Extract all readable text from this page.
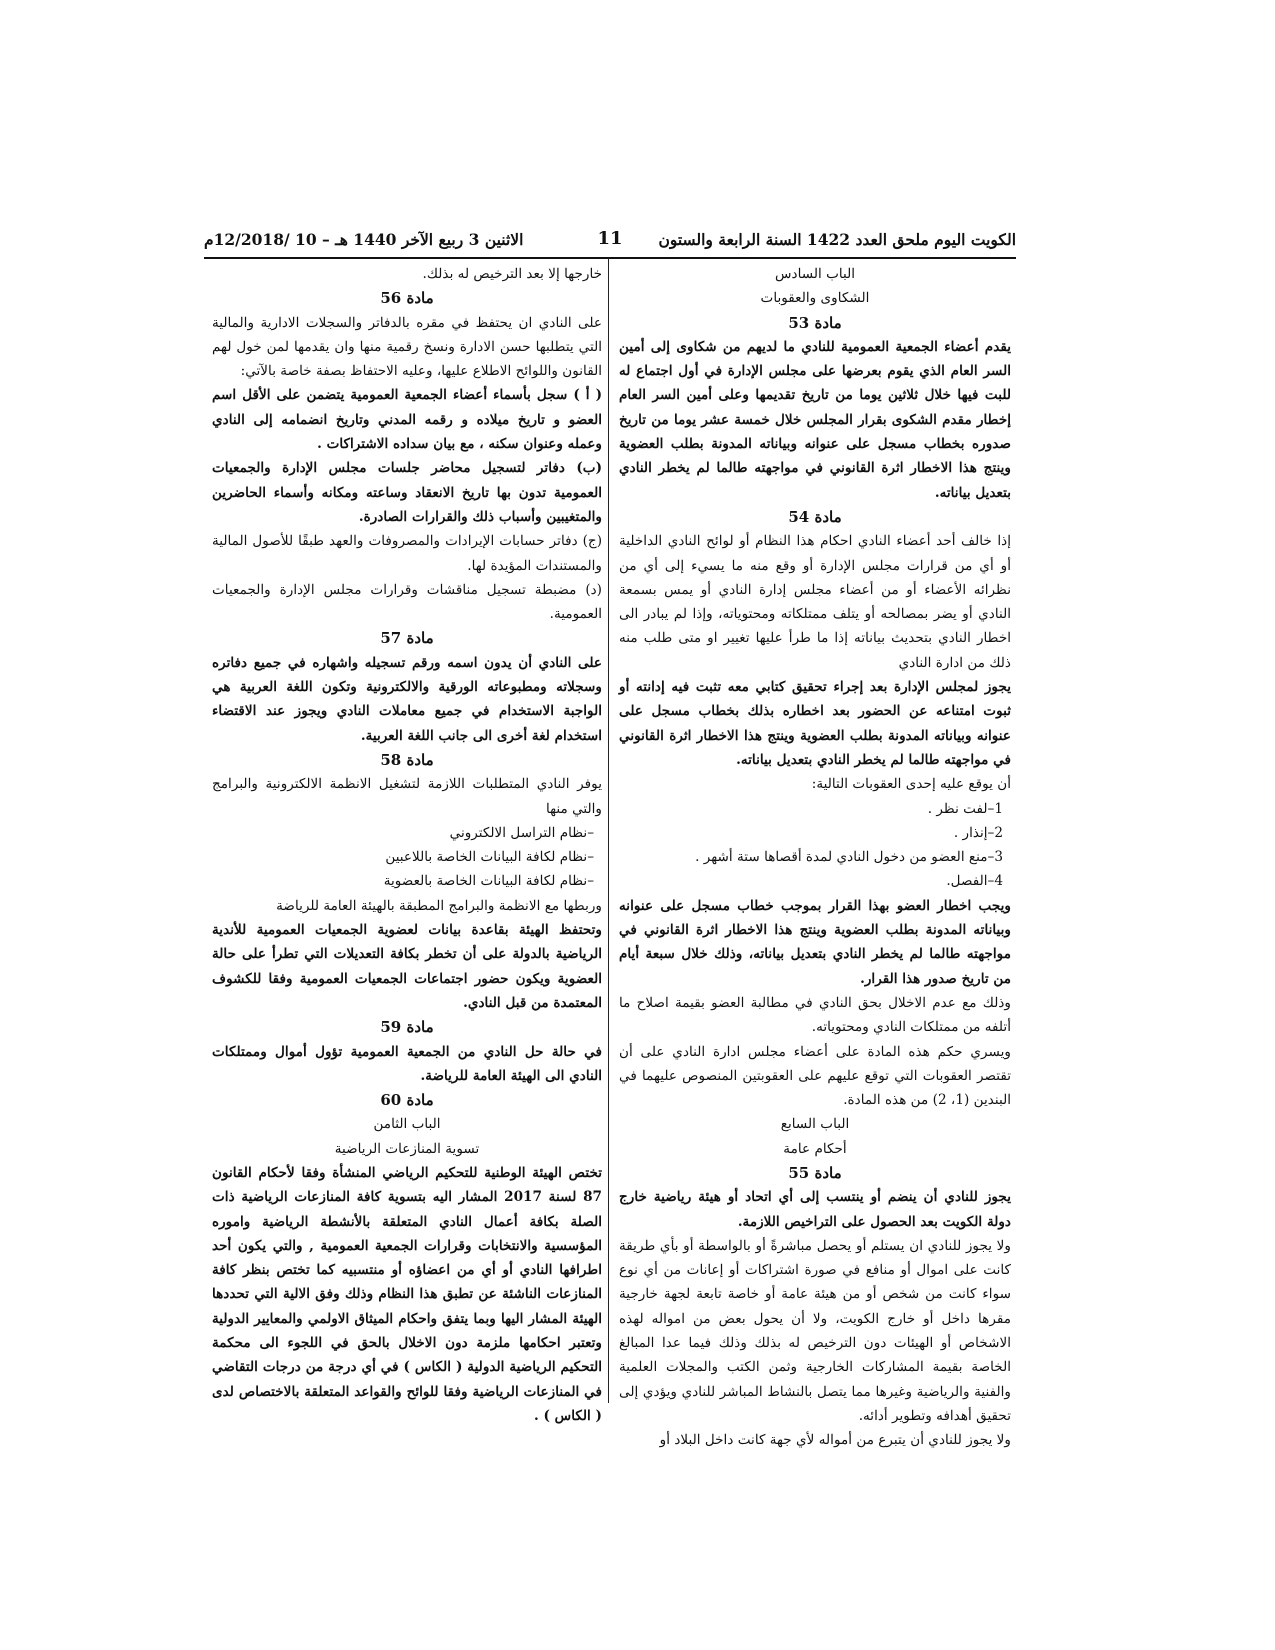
الكويت اليوم ملحق العدد 1422 السنة الرابعة والستون
11
الاثنين 3 ربيع الآخر 1440 هـ – 10 /12/2018م

الباب السادس

الشكاوى والعقوبات

مادة 53

يقدم أعضاء الجمعية العمومية للنادي ما لديهم من شكاوى إلى أمين السر العام الذي يقوم بعرضها على مجلس الإدارة في أول اجتماع له للبت فيها خلال ثلاثين يوما من تاريخ تقديمها وعلى أمين السر العام إخطار مقدم الشكوى بقرار المجلس خلال خمسة عشر يوما من تاريخ صدوره بخطاب مسجل على عنوانه وبياناته المدونة بطلب العضوية وينتج هذا الاخطار اثرة القانوني في مواجهته طالما لم يخطر النادي بتعديل بياناته.

مادة 54

إذا خالف أحد أعضاء النادي احكام هذا النظام أو لوائح النادي الداخلية أو أي من قرارات مجلس الإدارة أو وقع منه ما يسيء إلى أي من نظرائه الأعضاء أو من أعضاء مجلس إدارة النادي أو يمس بسمعة النادي أو يضر بمصالحه أو يتلف ممتلكاته ومحتوياته، وإذا لم يبادر الى اخطار النادي بتحديث بياناته إذا ما طرأ عليها تغيير او متى طلب منه ذلك من ادارة النادي

يجوز لمجلس الإدارة بعد إجراء تحقيق كتابي معه تثبت فيه إدانته أو ثبوت امتناعه عن الحضور بعد اخطاره بذلك بخطاب مسجل على عنوانه وبياناته المدونة بطلب العضوية وينتج هذا الاخطار اثرة القانوني في مواجهته طالما لم يخطر النادي بتعديل بياناته.

أن يوقع عليه إحدى العقوبات التالية:

1–لفت نظر .

2–إنذار .

3–منع العضو من دخول النادي لمدة أقصاها ستة أشهر .

4–الفصل.

ويجب اخطار العضو بهذا القرار بموجب خطاب مسجل على عنوانه وبياناته المدونة بطلب العضوية وينتج هذا الاخطار اثرة القانوني في مواجهته طالما لم يخطر النادي بتعديل بياناته، وذلك خلال سبعة أيام من تاريخ صدور هذا القرار.

وذلك مع عدم الاخلال بحق النادي في مطالبة العضو بقيمة اصلاح ما أتلفه من ممتلكات النادي ومحتوياته.

ويسري حكم هذه المادة على أعضاء مجلس ادارة النادي على أن تقتصر العقوبات التي توقع عليهم على العقوبتين المنصوص عليهما في البندين (1، 2) من هذه المادة.

الباب السابع

أحكام عامة

مادة 55

يجوز للنادي أن ينضم أو ينتسب إلى أي اتحاد أو هيئة رياضية خارج دولة الكويت بعد الحصول على التراخيص اللازمة.

ولا يجوز للنادي ان يستلم أو يحصل مباشرةً أو بالواسطة أو بأي طريقة كانت على اموال أو منافع في صورة اشتراكات أو إعانات من أي نوع سواء كانت من شخص أو من هيئة عامة أو خاصة تابعة لجهة خارجية مقرها داخل أو خارج الكويت، ولا أن يحول بعض من امواله لهذه الاشخاص أو الهيئات دون الترخيص له بذلك وذلك فيما عدا المبالغ الخاصة بقيمة المشاركات الخارجية وثمن الكتب والمجلات العلمية والفنية والرياضية وغيرها مما يتصل بالنشاط المباشر للنادي ويؤدي إلى تحقيق أهدافه وتطوير أدائه.

ولا يجوز للنادي أن يتبرع من أمواله لأي جهة كانت داخل البلاد أو

خارجها إلا بعد الترخيص له بذلك.

مادة 56

على النادي ان يحتفظ في مقره بالدفاتر والسجلات الادارية والمالية التي يتطلبها حسن الادارة ونسخ رقمية منها وان يقدمها لمن خول لهم القانون واللوائح الاطلاع عليها، وعليه الاحتفاظ بصفة خاصة بالآتي:

( أ ) سجل بأسماء أعضاء الجمعية العمومية يتضمن على الأقل اسم العضو و تاريخ ميلاده و رقمه المدني وتاريخ انضمامه إلى النادي وعمله وعنوان سكنه ، مع بيان سداده الاشتراكات .

(ب) دفاتر لتسجيل محاضر جلسات مجلس الإدارة والجمعيات العمومية تدون بها تاريخ الانعقاد وساعته ومكانه وأسماء الحاضرين والمتغيبين وأسباب ذلك والقرارات الصادرة.

(ج) دفاتر حسابات الإيرادات والمصروفات والعهد طبقًا للأصول المالية والمستندات المؤيدة لها.

(د) مضبطة تسجيل مناقشات وقرارات مجلس الإدارة والجمعيات العمومية.

مادة 57

على النادي أن يدون اسمه ورقم تسجيله واشهاره في جميع دفاتره وسجلاته ومطبوعاته الورقية والالكترونية وتكون اللغة العربية هي الواجبة الاستخدام في جميع معاملات النادي ويجوز عند الاقتضاء استخدام لغة أخرى الى جانب اللغة العربية.

مادة 58

يوفر النادي المتطلبات اللازمة لتشغيل الانظمة الالكترونية والبرامج والتي منها

–نظام التراسل الالكتروني

–نظام لكافة البيانات الخاصة باللاعبين

–نظام لكافة البيانات الخاصة بالعضوية

وربطها مع الانظمة والبرامج المطبقة بالهيئة العامة للرياضة

وتحتفظ الهيئة بقاعدة بيانات لعضوية الجمعيات العمومية للأندية الرياضية بالدولة على أن تخطر بكافة التعديلات التي تطرأ على حالة العضوية ويكون حضور اجتماعات الجمعيات العمومية وفقا للكشوف المعتمدة من قبل النادي.

مادة 59

في حالة حل النادي من الجمعية العمومية تؤول أموال وممتلكات النادي الى الهيئة العامة للرياضة.

مادة 60

الباب الثامن

تسوية المنازعات الرياضية

تختص الهيئة الوطنية للتحكيم الرياضي المنشأة وفقا لأحكام القانون 87 لسنة 2017 المشار اليه بتسوية كافة المنازعات الرياضية ذات الصلة بكافة أعمال النادي المتعلقة بالأنشطة الرياضية واموره المؤسسية والانتخابات وقرارات الجمعية العمومية , والتي يكون أحد اطرافها النادي أو أي من اعضاؤه أو منتسبيه كما تختص بنظر كافة المنازعات الناشئة عن تطبق هذا النظام وذلك وفق الالية التي تحددها الهيئة المشار اليها وبما يتفق واحكام الميثاق الاولمي والمعايير الدولية وتعتبر احكامها ملزمة دون الاخلال بالحق في اللجوء الى محكمة التحكيم الرياضية الدولية ( الكاس ) في أي درجة من درجات التقاضي في المنازعات الرياضية وفقا للوائح والقواعد المتعلقة بالاختصاص لدى ( الكاس ) .
